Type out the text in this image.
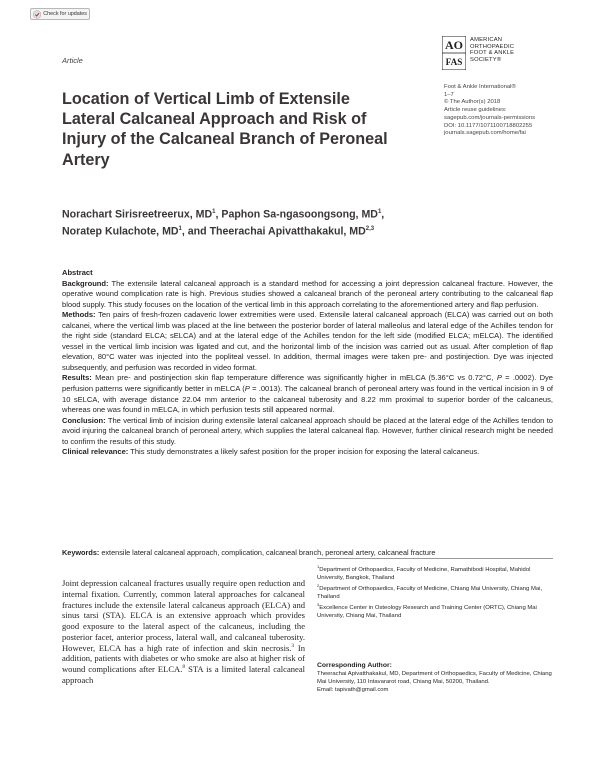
Check for updates
Article
AO
FAS
AMERICAN
ORTHOPAEDIC
FOOT & ANKLE
SOCIETY®
Foot & Ankle International®
1–7
© The Author(s) 2018
Article reuse guidelines:
sagepub.com/journals-permissions
DOI: 10.1177/1071100718802255
journals.sagepub.com/home/fai
Location of Vertical Limb of Extensile Lateral Calcaneal Approach and Risk of Injury of the Calcaneal Branch of Peroneal Artery
Norachart Sirisreetreerux, $MD^1$, Paphon Sa-ngasoongsong, $MD^1$,
Noratep Kulachote, $MD^1$, and Theerachai Apivatthakakul, MD$^{2,3}$
Abstract

Background: The extensile lateral calcaneal approach is a standard method for accessing a joint depression calcaneal fracture. However, the operative wound complication rate is high. Previous studies showed a calcaneal branch of the peroneal artery contributing to the calcaneal flap blood supply. This study focuses on the location of the vertical limb in this approach correlating to the aforementioned artery and flap perfusion.

Methods: Ten pairs of fresh-frozen cadaveric lower extremities were used. Extensile lateral calcaneal approach (ELCA) was carried out on both calcanei, where the vertical limb was placed at the line between the posterior border of lateral malleolus and lateral edge of the Achilles tendon for the right side (standard ELCA; sELCA) and at the lateral edge of the Achilles tendon for the left side (modified ELCA; mELCA). The identified vessel in the vertical limb incision was ligated and cut, and the horizontal limb of the incision was carried out as usual. After completion of flap elevation, 80°C water was injected into the popliteal vessel. In addition, thermal images were taken pre- and postinjection. Dye was injected subsequently, and perfusion was recorded in video format.

Results: Mean pre- and postinjection skin flap temperature difference was significantly higher in mELCA (5.36°C vs 0.72°C, P = .0002). Dye perfusion patterns were significantly better in mELCA (P = .0013). The calcaneal branch of peroneal artery was found in the vertical incision in 9 of 10 sELCA, with average distance 22.04 mm anterior to the calcaneal tuberosity and 8.22 mm proximal to superior border of the calcaneus, whereas one was found in mELCA, in which perfusion tests still appeared normal.

Conclusion: The vertical limb of incision during extensile lateral calcaneal approach should be placed at the lateral edge of the Achilles tendon to avoid injuring the calcaneal branch of peroneal artery, which supplies the lateral calcaneal flap. However, further clinical research might be needed to confirm the results of this study.

Clinical relevance: This study demonstrates a likely safest position for the proper incision for exposing the lateral calcaneus.

Keywords: extensile lateral calcaneal approach, complication, calcaneal branch, peroneal artery, calcaneal fracture
Joint depression calcaneal fractures usually require open reduction and internal fixation. Currently, common lateral approaches for calcaneal fractures include the extensile lateral calcaneus approach (ELCA) and sinus tarsi (STA). ELCA is an extensive approach which provides good exposure to the lateral aspect of the calcaneus, including the posterior facet, anterior process, lateral wall, and calcaneal tuberosity. However, ELCA has a high rate of infection and skin necrosis.$^3$ In addition, patients with diabetes or who smoke are also at higher risk of wound complications after ELCA.$^8$ STA is a limited lateral calcaneal approach

$^1$Department of Orthopaedics, Faculty of Medicine, Ramathibodi Hospital, Mahidol University, Bangkok, Thailand

$^2$Department of Orthopaedics, Faculty of Medicine, Chiang Mai University, Chiang Mai, Thailand

$^3$Excellence Center in Osteology Research and Training Center (ORTC), Chiang Mai University, Chiang Mai, Thailand

Corresponding Author:
Theerachai Apivatthakakul, MD, Department of Orthopaedics, Faculty of Medicine, Chiang Mai University, 110 Intavararot road, Chiang Mai, 50200, Thailand.
Email: tapivath@gmail.com
